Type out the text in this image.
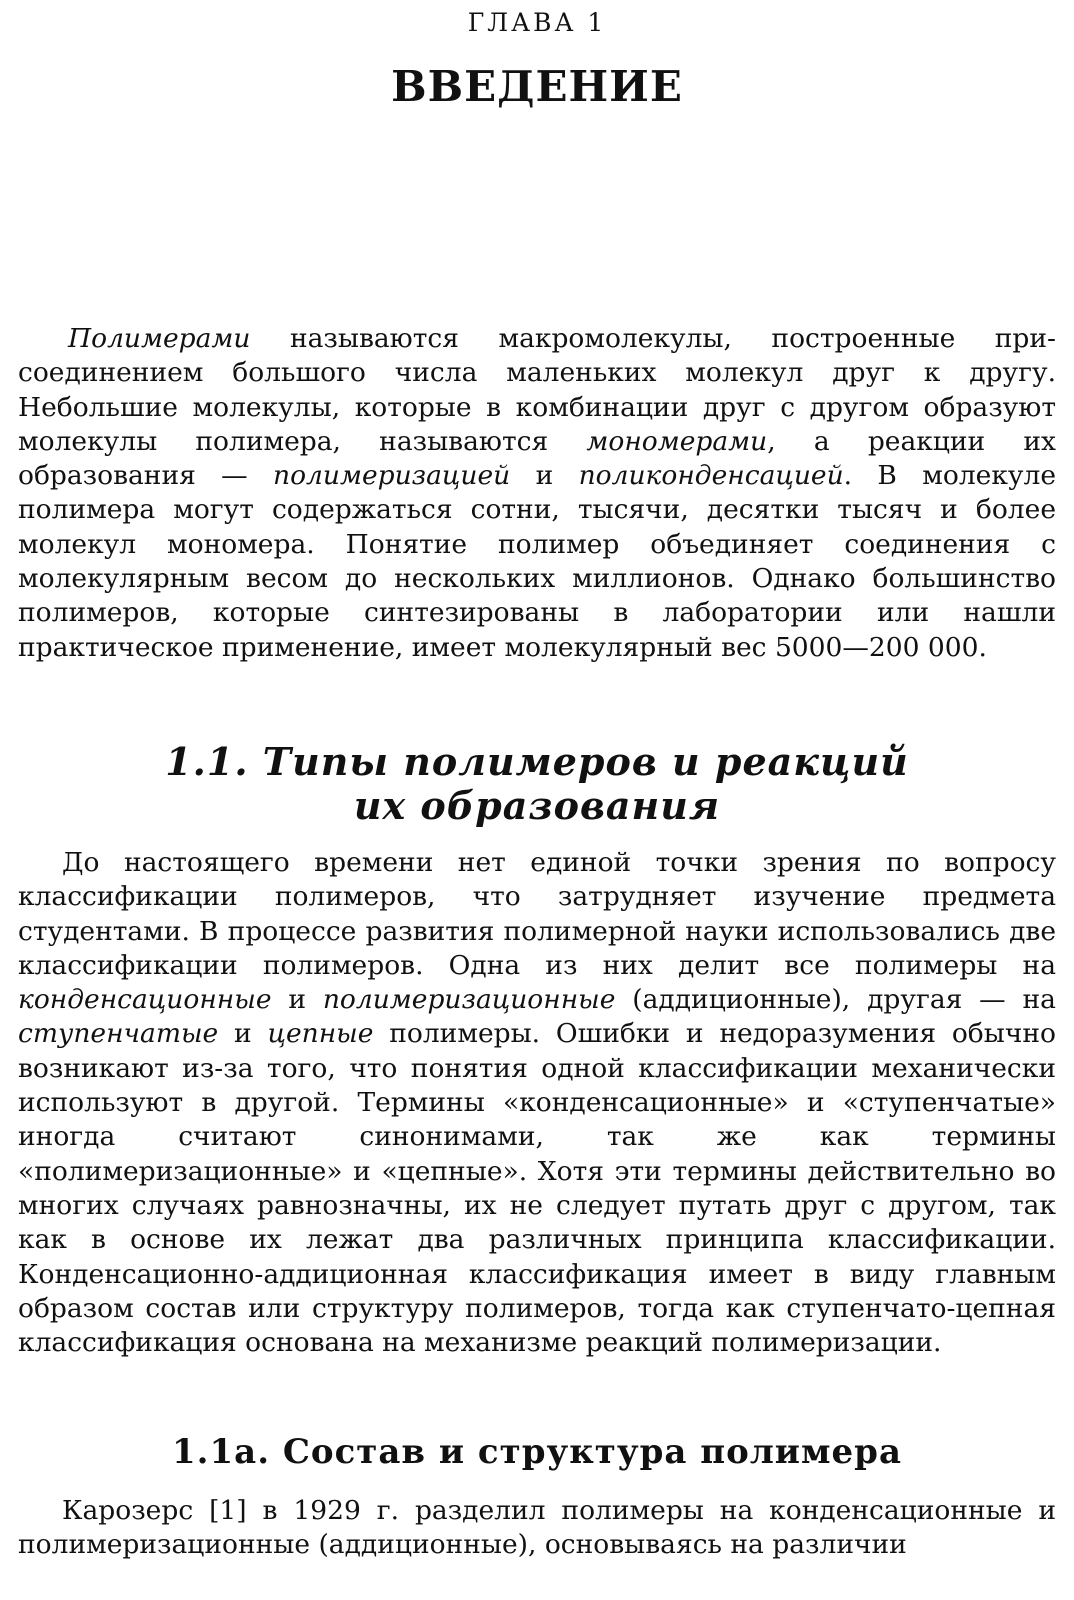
ГЛАВА 1
ВВЕДЕНИЕ

Полимерами называются макромолекулы, построенные присоединением большого числа маленьких молекул друг к другу. Небольшие молекулы, которые в комбинации друг с другом образуют молекулы полимера, называются мономерами, а реакции их образования — полимеризацией и поликонденсацией. В молекуле полимера могут содержаться сотни, тысячи, десятки тысяч и более молекул мономера. Понятие полимер объединяет соединения с молекулярным весом до нескольких миллионов. Однако большинство полимеров, которые синтезированы в лаборатории или нашли практическое применение, имеет молекулярный вес 5000—200 000.

1.1. Типы полимеров и реакций
их образования

До настоящего времени нет единой точки зрения по вопросу классификации полимеров, что затрудняет изучение предмета студентами. В процессе развития полимерной науки использовались две классификации полимеров. Одна из них делит все полимеры на конденсационные и полимеризационные (аддиционные), другая — на ступенчатые и цепные полимеры. Ошибки и недоразумения обычно возникают из-за того, что понятия одной классификации механически используют в другой. Термины «конденсационные» и «ступенчатые» иногда считают синонимами, так же как термины «полимеризационные» и «цепные». Хотя эти термины действительно во многих случаях равнозначны, их не следует путать друг с другом, так как в основе их лежат два различных принципа классификации. Конденсационно-аддиционная классификация имеет в виду главным образом состав или структуру полимеров, тогда как ступенчато-цепная классификация основана на механизме реакций полимеризации.

1.1а. Состав и структура полимера

Карозерс [1] в 1929 г. разделил полимеры на конденсационные и полимеризационные (аддиционные), основываясь на различии
